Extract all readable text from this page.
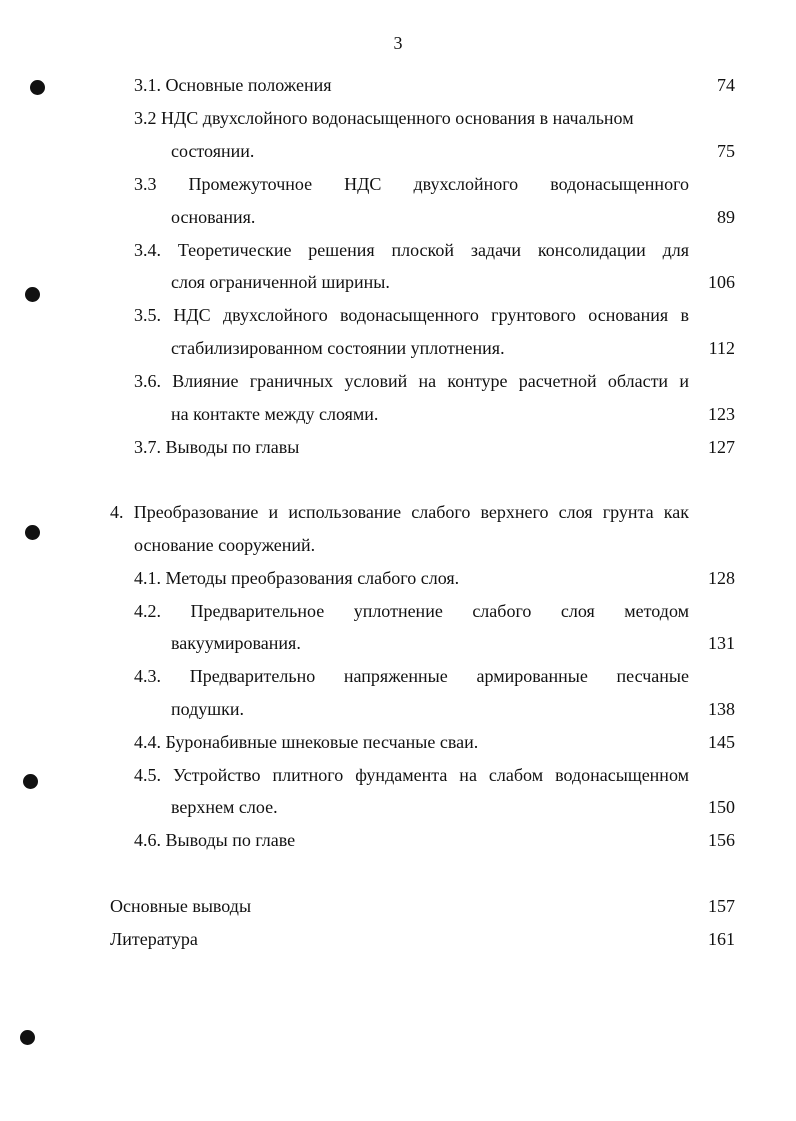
3
3.1. Основные положения	74
3.2 НДС двухслойного водонасыщенного основания в начальном
состоянии.	75
3.3 Промежуточное НДС двухслойного водонасыщенного
основания.	89
3.4. Теоретические решения плоской задачи консолидации для
слоя ограниченной ширины.	106
3.5. НДС двухслойного водонасыщенного грунтового основания в
стабилизированном состоянии уплотнения.	112
3.6. Влияние граничных условий на контуре расчетной области и
на контакте между слоями.	123
3.7. Выводы по главы	127
4. Преобразование и использование слабого верхнего слоя грунта как
основание сооружений.
4.1. Методы преобразования слабого слоя.	128
4.2. Предварительное уплотнение слабого слоя методом
вакуумирования.	131
4.3. Предварительно напряженные армированные песчаные
подушки.	138
4.4. Буронабивные шнековые песчаные сваи.	145
4.5. Устройство плитного фундамента на слабом водонасыщенном
верхнем слое.	150
4.6. Выводы по главе	156
Основные выводы	157
Литература	161
